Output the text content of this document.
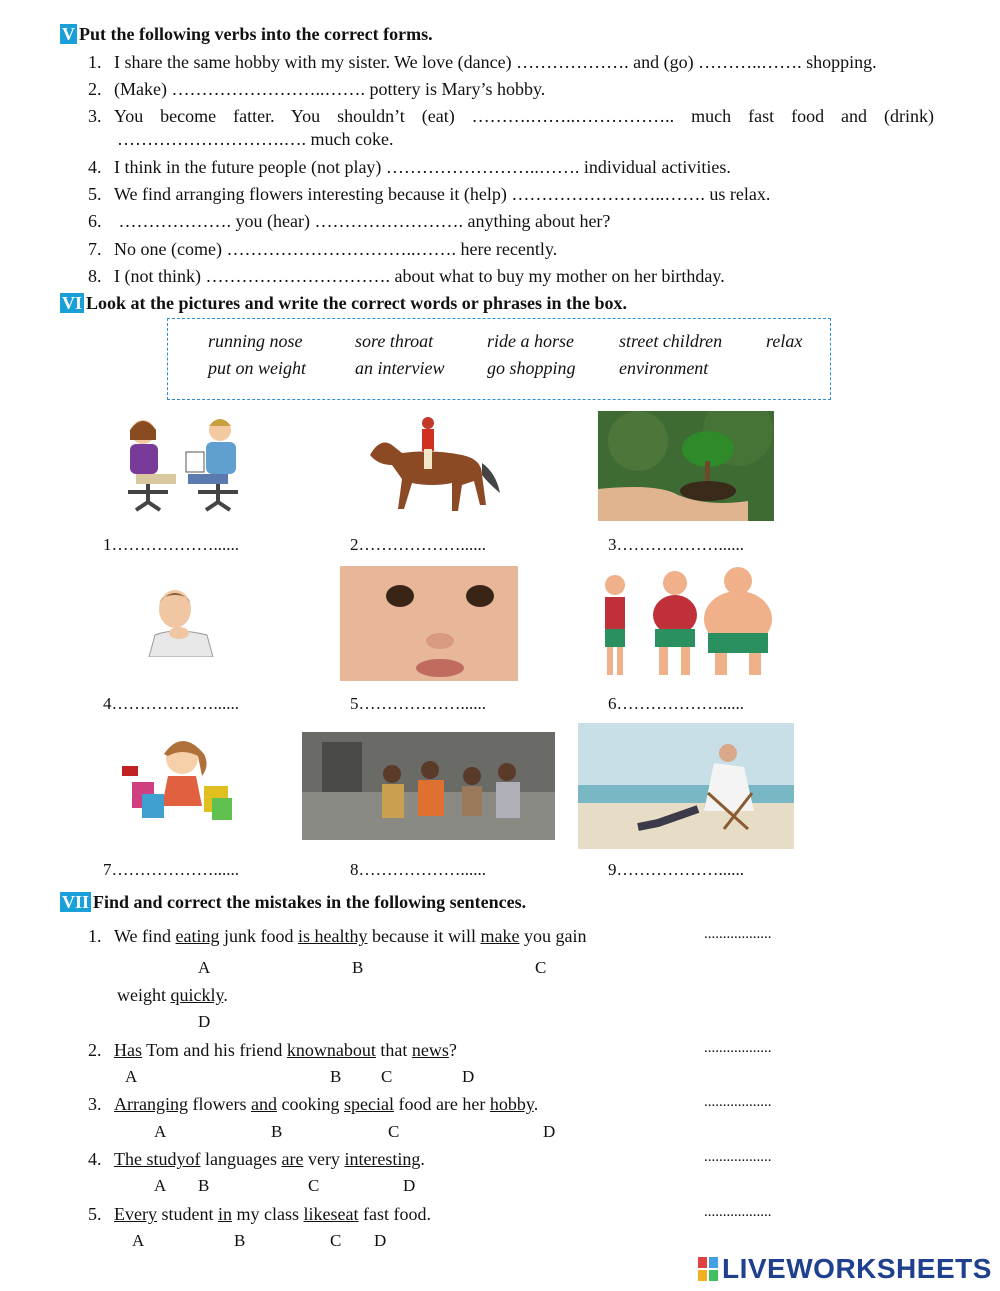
V Put the following verbs into the correct forms.
1. I share the same hobby with my sister. We love (dance) ………………. and (go) ………..……. shopping.
2. (Make) ……………………..……. pottery is Mary’s hobby.
3. You become fatter. You shouldn’t (eat) ……….……..…………….. much fast food and (drink)
……………………….…. much coke.
4. I think in the future people (not play) ……………………..……. individual activities.
5. We find arranging flowers interesting because it (help) ……………………..……. us relax.
6. ………………. you (hear) ……………………. anything about her?
7. No one (come) …………………………..……. here recently.
8. I (not think) …………………………. about what to buy my mother on her birthday.
VI Look at the pictures and write the correct words or phrases in the box.
running nose	sore throat	ride a horse	street children relax
put on weight	an interview go shopping environment
1………………......	2………………......	3………………......
4………………......	5………………......	6………………......
7………………......	8………………......	9………………......
VII Find and correct the mistakes in the following sentences.
1. We find eating junk food is healthy because it will make you gain	..................
A	B	C
weight quickly.
D
2. Has Tom and his friend knownabout that news?	..................
A	B C	D
3. Arranging flowers and cooking special food are her hobby.	..................
A	B	C	D
4. The studyof languages are very interesting.	..................
A B	C	D
5. Every student in my class likeseat fast food.	..................
A	B	C D
LIVEWORKSHEETS
